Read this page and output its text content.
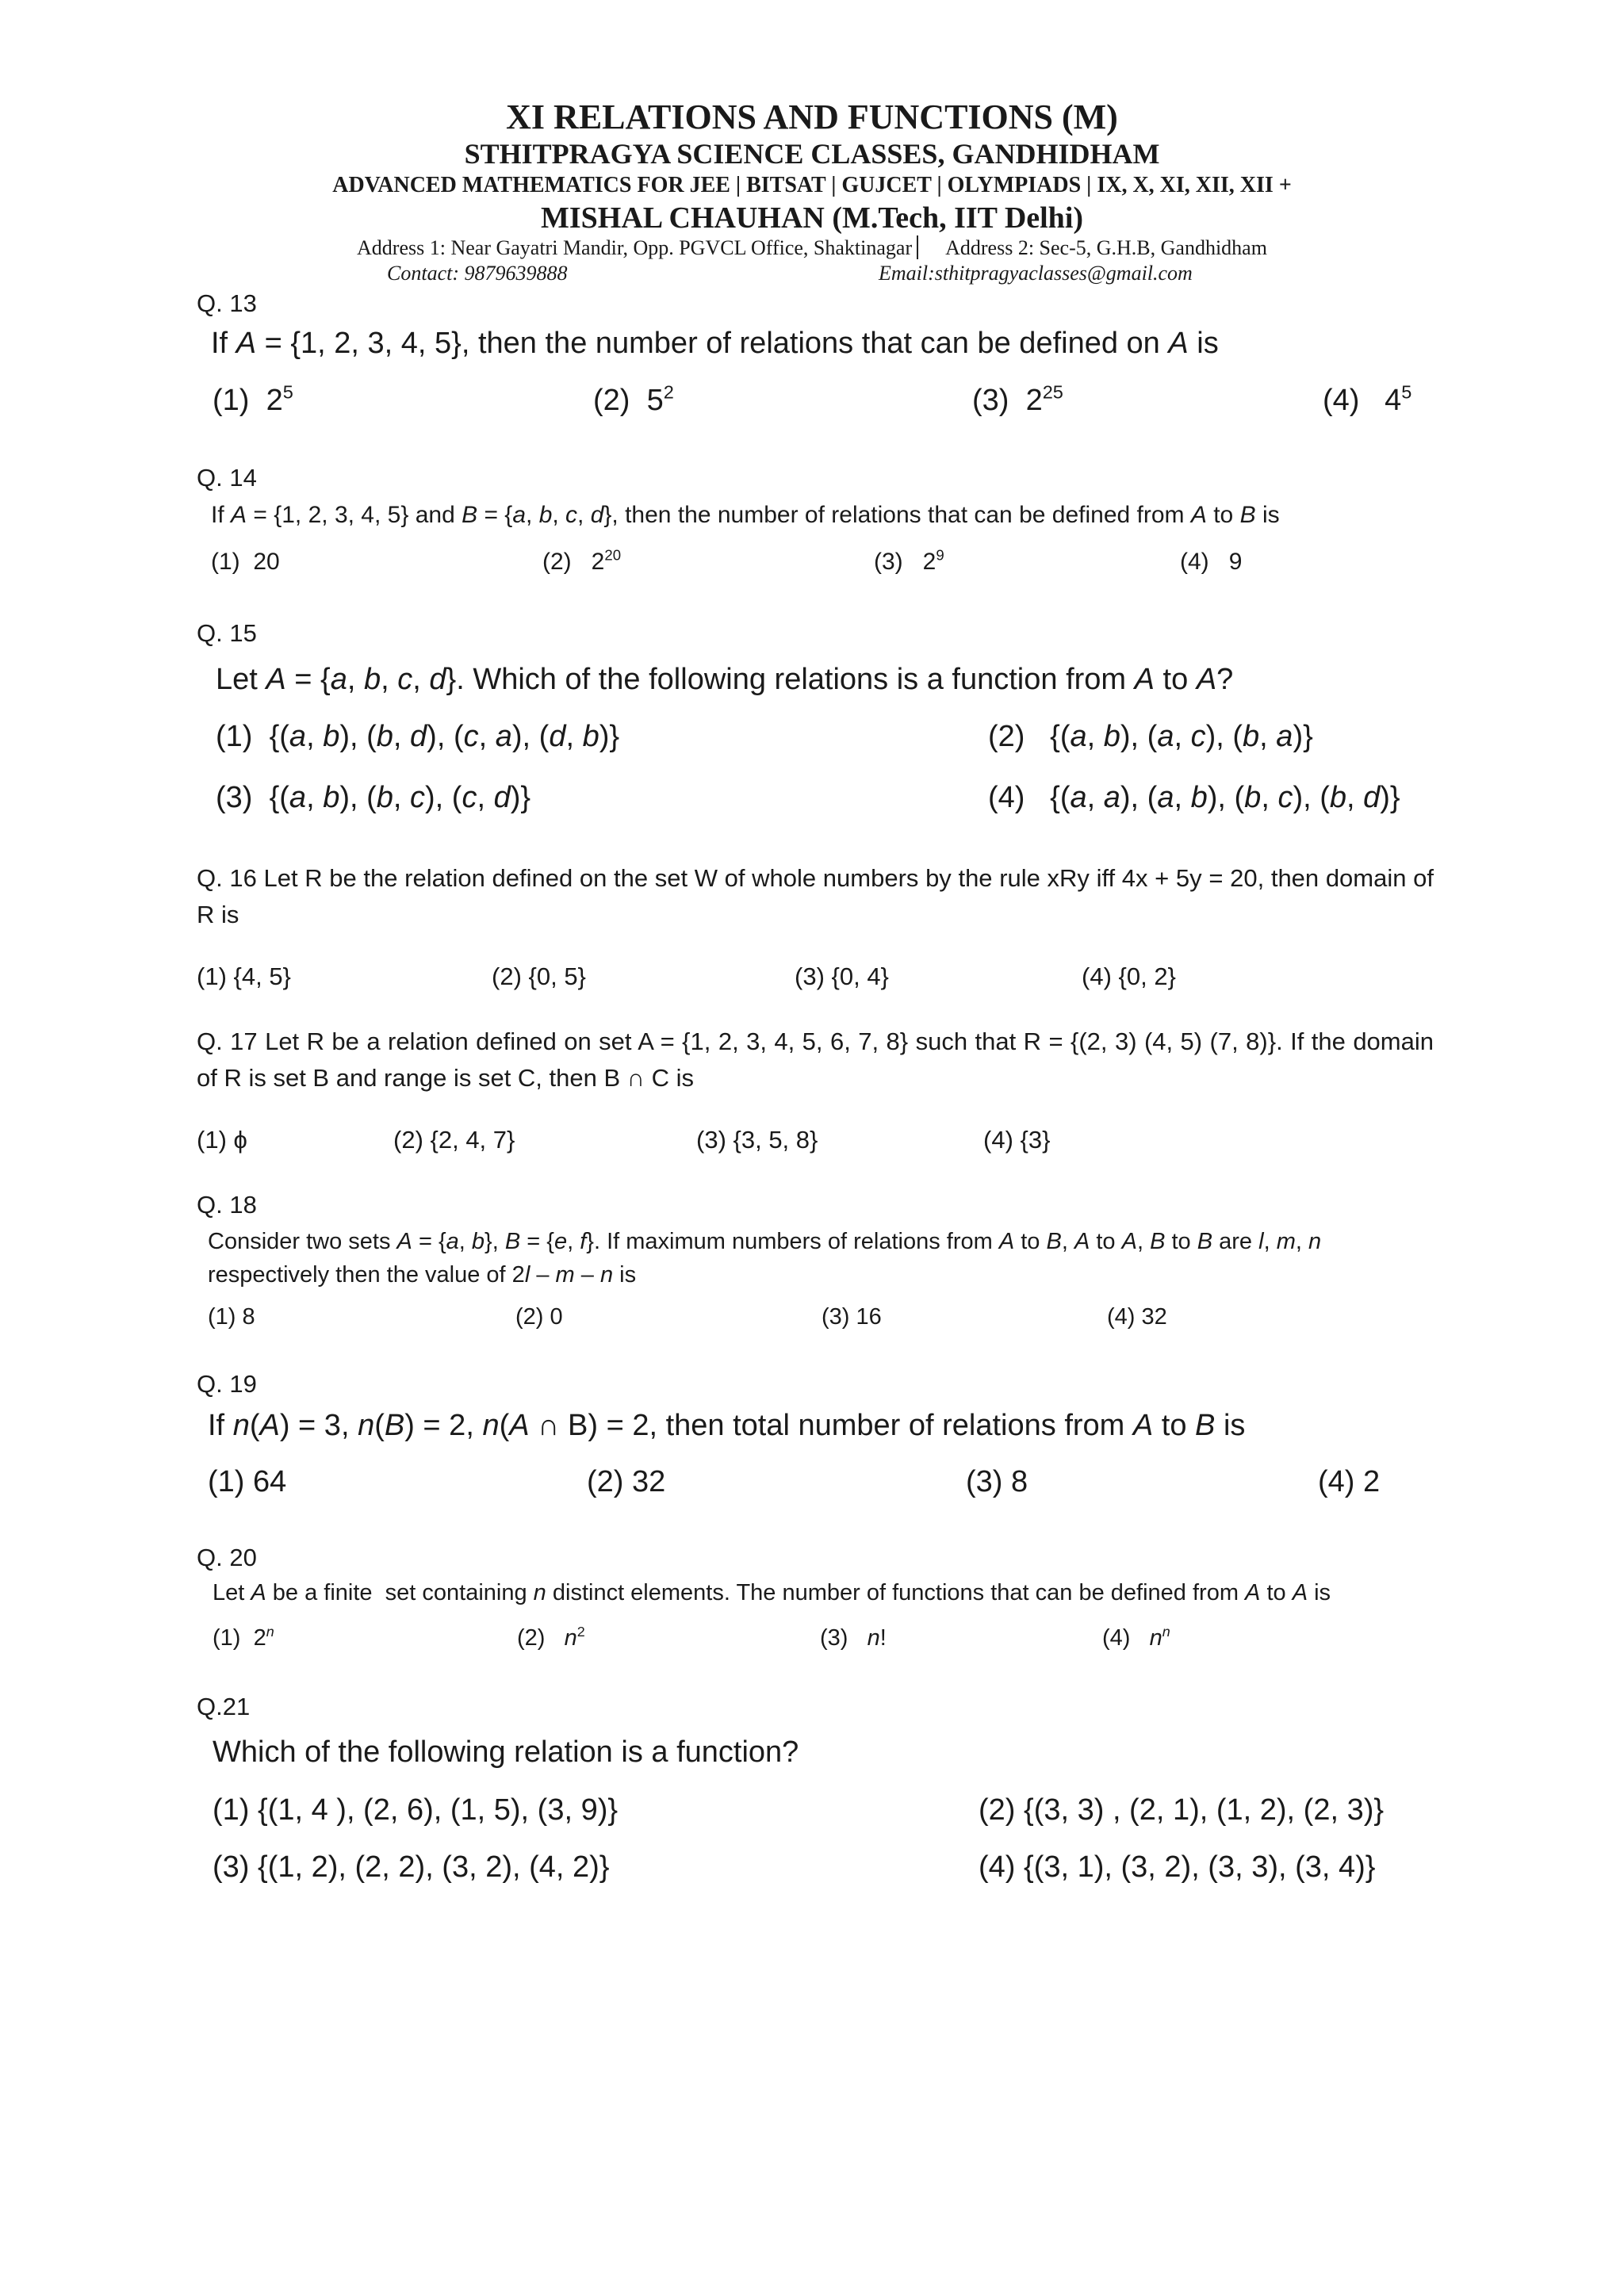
XI RELATIONS AND FUNCTIONS (M)
STHITPRAGYA SCIENCE CLASSES, GANDHIDHAM
ADVANCED MATHEMATICS FOR JEE | BITSAT | GUJCET | OLYMPIADS | IX, X, XI, XII, XII +
MISHAL CHAUHAN (M.Tech, IIT Delhi)
Address 1: Near Gayatri Mandir, Opp. PGVCL Office, Shaktinagar Address 2: Sec-5, G.H.B, Gandhidham
Contact: 9879639888	Email:sthitpragyaclasses@gmail.com
Q. 13
If A = {1, 2, 3, 4, 5}, then the number of relations that can be defined on A is
(1)  $2^5$	(2)  $5^2$	(3)  $2^{25}$	(4)   $4^5$
Q. 14
If A = {1, 2, 3, 4, 5} and B = {a, b, c, d}, then the number of relations that can be defined from A to B is
(1) 20	(2)   $2^{20}$	(3)   $2^9$	(4) 9
Q. 15
Let A = {a, b, c, d}. Which of the following relations is a function from A to A?
(1)  {(a, b), (b, d), (c, a), (d, b)}	(2)   {(a, b), (a, c), (b, a)}
(3)  {(a, b), (b, c), (c, d)}	(4)   {(a, a), (a, b), (b, c), (b, d)}
Q. 16 Let R be the relation defined on the set W of whole numbers by the rule xRy iff 4x + 5y = 20, then domain of R is
(1) {4, 5}	(2) {0, 5}	(3) {0, 4}	(4) {0, 2}
Q. 17 Let R be a relation defined on set A = {1, 2, 3, 4, 5, 6, 7, 8} such that R = {(2, 3) (4, 5) (7, 8)}. If the domain of R is set B and range is set C, then B ∩ C is
(1) ϕ	(2) {2, 4, 7}	(3) {3, 5, 8}	(4) {3}
Q. 18
Consider two sets A = {a, b}, B = {e, f}. If maximum numbers of relations from A to B, A to A, B to B are l, m, n
respectively then the value of 2l – m – n is
(1) 8	(2) 0	(3) 16	(4) 32
Q. 19
If n(A) = 3, n(B) = 2, n(A ∩ B) = 2, then total number of relations from A to B is
(1) 64	(2) 32	(3) 8	(4) 2
Q. 20
Let A be a finite  set containing n distinct elements. The number of functions that can be defined from A to A is
(1)  2$^n$	(2) $n^2$	(3) n!	(4) $n^n$
Q.21
Which of the following relation is a function?
(1) {(1, 4 ), (2, 6), (1, 5), (3, 9)}	(2) {(3, 3) , (2, 1), (1, 2), (2, 3)}
(3) {(1, 2), (2, 2), (3, 2), (4, 2)}	(4) {(3, 1), (3, 2), (3, 3), (3, 4)}
